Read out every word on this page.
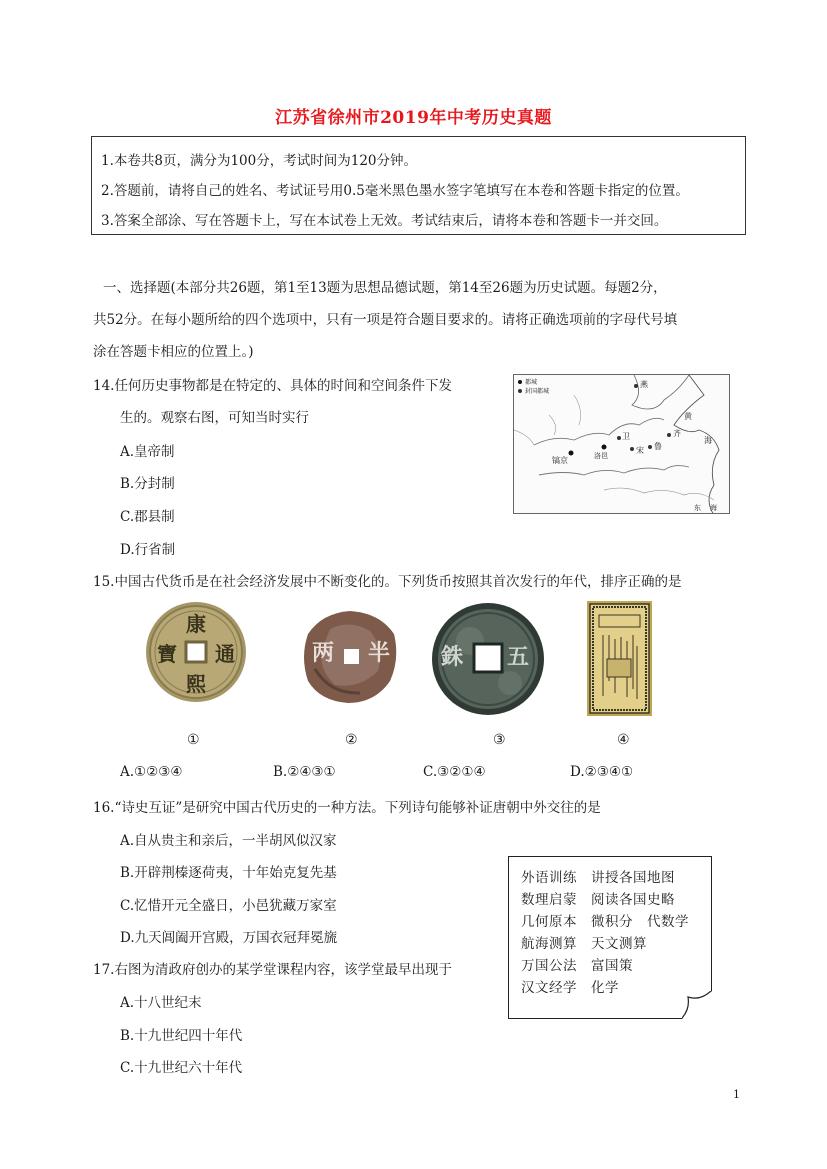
江苏省徐州市2019年中考历史真题
1.本卷共8页，满分为100分，考试时间为120分钟。
2.答题前，请将自己的姓名、考试证号用0.5毫米黑色墨水签字笔填写在本卷和答题卡指定的位置。
3.答案全部涂、写在答题卡上，写在本试卷上无效。考试结束后，请将本卷和答题卡一并交回。
一、选择题(本部分共26题，第1至13题为思想品德试题，第14至26题为历史试题。每题2分，
共52分。在每小题所给的四个选项中，只有一项是符合题目要求的。请将正确选项前的字母代号填
涂在答题卡相应的位置上。)
14.任何历史事物都是在特定的、具体的时间和空间条件下发
生的。观察右图，可知当时实行
A.皇帝制
B.分封制
C.郡县制
D.行省制
都城
封国都城
燕
齐
鲁
卫
宋
镐京	洛邑
黄
海
东 海
15.中国古代货币是在社会经济发展中不断变化的。下列货币按照其首次发行的年代，排序正确的是
康
熙
通
寶	两 半 銖 五
①	②	③	④
A.①②③④	B.②④③①	C.③②①④	D.②③④①
16.“诗史互证”是研究中国古代历史的一种方法。下列诗句能够补证唐朝中外交往的是
A.自从贵主和亲后，一半胡风似汉家
B.开辟荆榛逐荷夷，十年始克复先基
C.忆惜开元全盛日，小邑犹藏万家室
D.九天阊阖开宫殿，万国衣冠拜冕旒
17.右图为清政府创办的某学堂课程内容，该学堂最早出现于
A.十八世纪末
B.十九世纪四十年代
C.十九世纪六十年代
外语训练　讲授各国地图
数理启蒙　阅读各国史略
几何原本　微积分　代数学
航海测算　天文测算
万国公法　富国策
汉文经学　化学
1
